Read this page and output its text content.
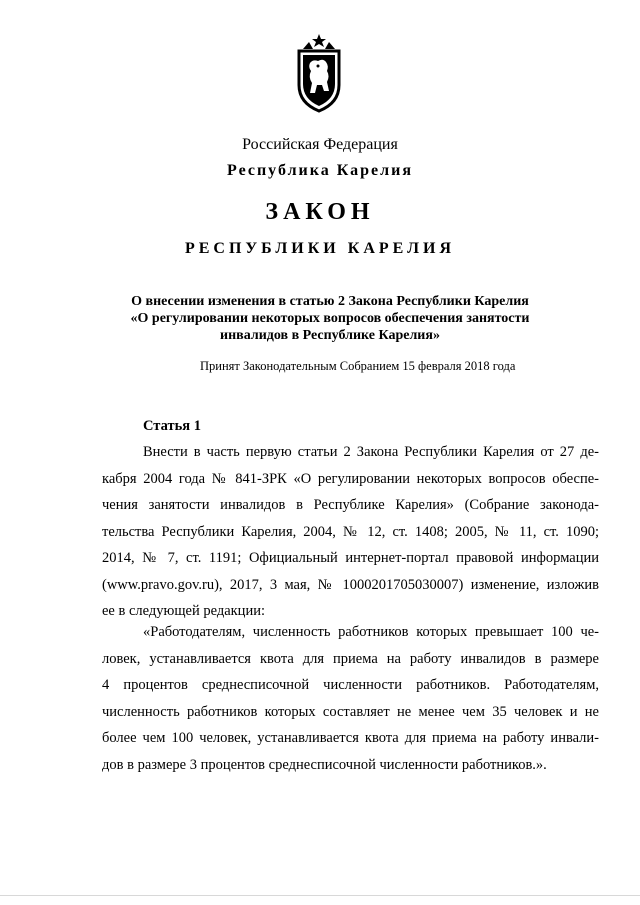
Российская Федерация
Республика Карелия
ЗАКОН
РЕСПУБЛИКИ КАРЕЛИЯ
О внесении изменения в статью 2 Закона Республики Карелия
«О регулировании некоторых вопросов обеспечения занятости
инвалидов в Республике Карелия»
Принят Законодательным Собранием 15 февраля 2018 года
Статья 1
Внести в часть первую статьи 2 Закона Республики Карелия от 27 де-
кабря 2004 года № 841-ЗРК «О регулировании некоторых вопросов обеспе-
чения занятости инвалидов в Республике Карелия» (Собрание законода-
тельства Республики Карелия, 2004, № 12, ст. 1408; 2005, № 11, ст. 1090;
2014, № 7, ст. 1191; Официальный интернет-портал правовой информации
(www.pravo.gov.ru), 2017, 3 мая, № 1000201705030007) изменение, изложив
ее в следующей редакции:
«Работодателям, численность работников которых превышает 100 че-
ловек, устанавливается квота для приема на работу инвалидов в размере
4 процентов среднесписочной численности работников. Работодателям,
численность работников которых составляет не менее чем 35 человек и не
более чем 100 человек, устанавливается квота для приема на работу инвали-
дов в размере 3 процентов среднесписочной численности работников.».
